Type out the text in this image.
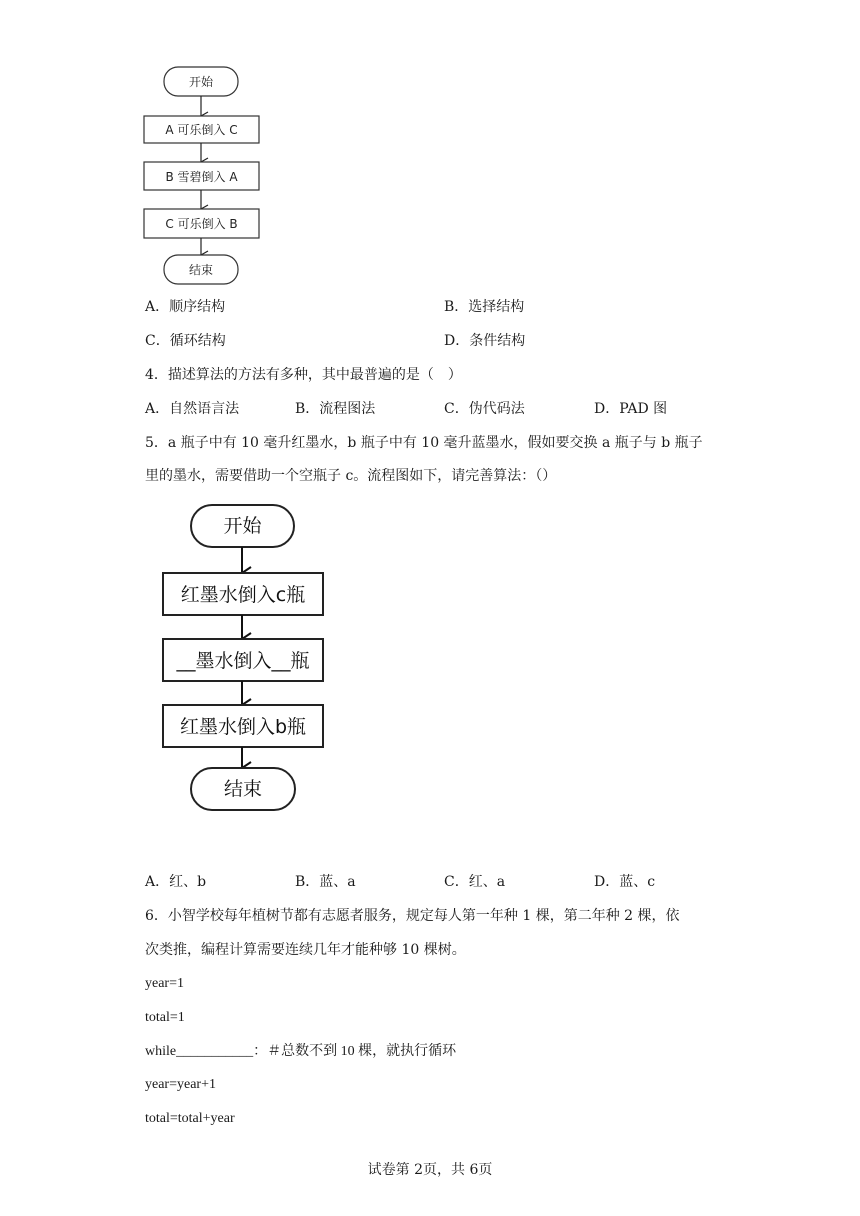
开始
A 可乐倒入 C
B 雪碧倒入 A
C 可乐倒入 B
结束
A．顺序结构	B．选择结构
C．循环结构	D．条件结构
4．描述算法的方法有多种，其中最普遍的是（　）
A．自然语言法	B．流程图法	C．伪代码法	D．PAD 图
5．a 瓶子中有 10 毫升红墨水，b 瓶子中有 10 毫升蓝墨水，假如要交换 a 瓶子与 b 瓶子
里的墨水，需要借助一个空瓶子 c。流程图如下，请完善算法：（）
开始
红墨水倒入c瓶
__墨水倒入__瓶
红墨水倒入b瓶
结束
A．红、b	B．蓝、a	C．红、a	D．蓝、c
6．小智学校每年植树节都有志愿者服务，规定每人第一年种 1 棵，第二年种 2 棵，依
次类推，编程计算需要连续几年才能种够 10 棵树。
year=1
total=1
while___________：＃总数不到 10 棵，就执行循环
year=year+1
total=total+year
试卷第 2页，共 6页
